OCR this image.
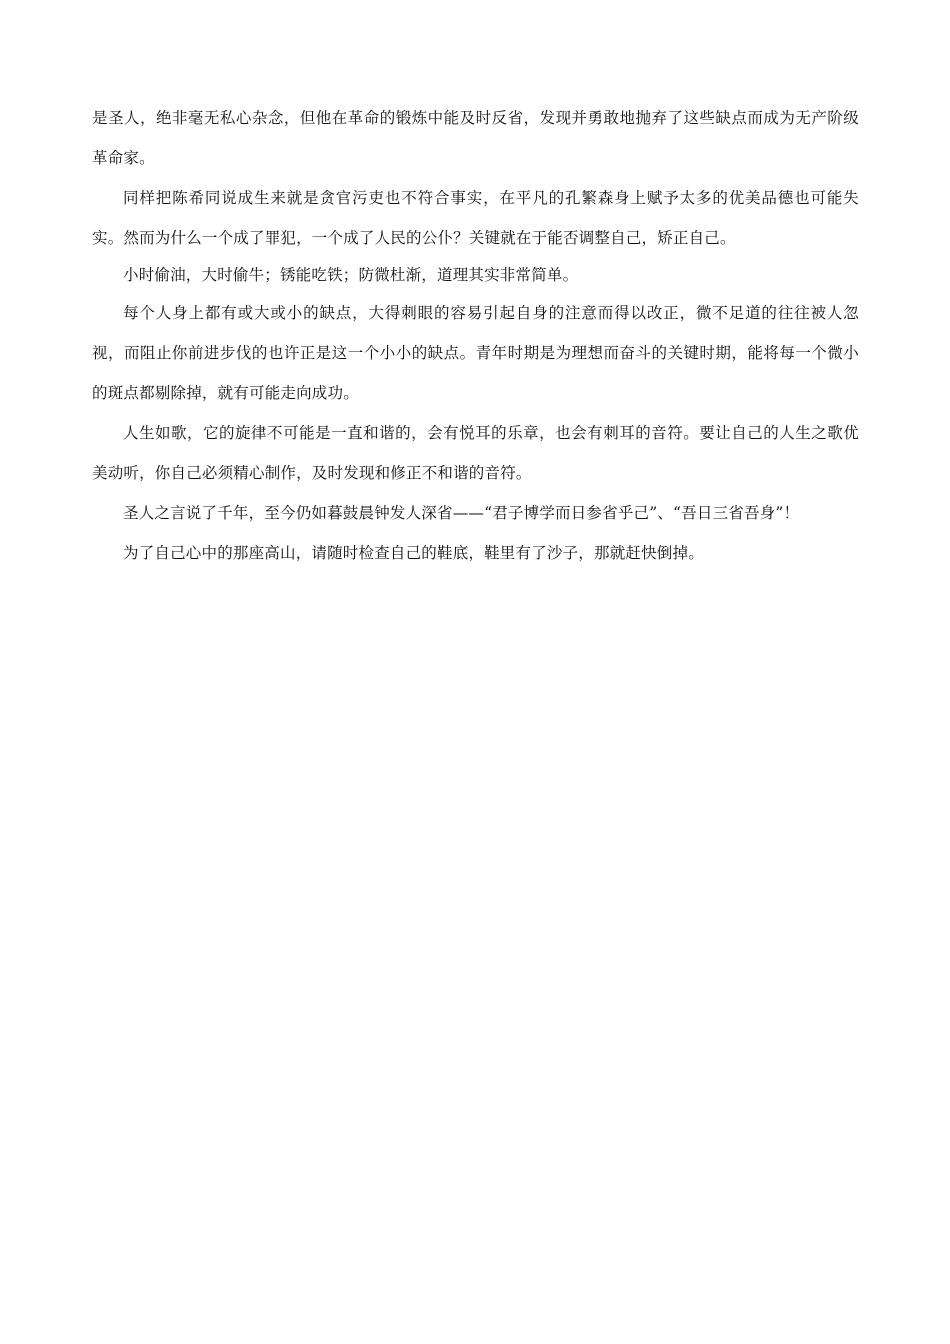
是圣人，绝非毫无私心杂念，但他在革命的锻炼中能及时反省，发现并勇敢地抛弃了这些缺点而成为无产阶级革命家。

同样把陈希同说成生来就是贪官污吏也不符合事实，在平凡的孔繁森身上赋予太多的优美品德也可能失实。然而为什么一个成了罪犯，一个成了人民的公仆？关键就在于能否调整自己，矫正自己。

小时偷油，大时偷牛；锈能吃铁；防微杜渐，道理其实非常简单。

每个人身上都有或大或小的缺点，大得刺眼的容易引起自身的注意而得以改正，微不足道的往往被人忽视，而阻止你前进步伐的也许正是这一个小小的缺点。青年时期是为理想而奋斗的关键时期，能将每一个微小的斑点都剔除掉，就有可能走向成功。

人生如歌，它的旋律不可能是一直和谐的，会有悦耳的乐章，也会有刺耳的音符。要让自己的人生之歌优美动听，你自己必须精心制作，及时发现和修正不和谐的音符。

圣人之言说了千年，至今仍如暮鼓晨钟发人深省——“君子博学而日参省乎己”、“吾日三省吾身”！

为了自己心中的那座高山，请随时检查自己的鞋底，鞋里有了沙子，那就赶快倒掉。
